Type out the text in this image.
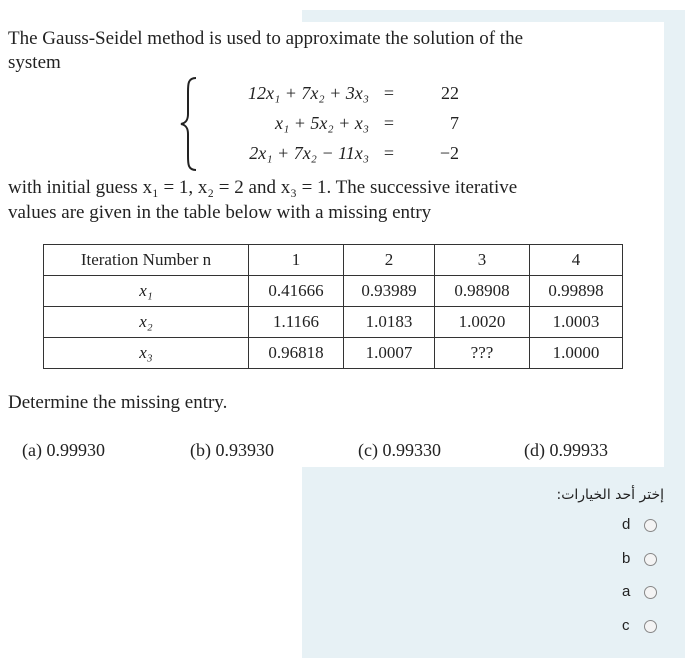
The Gauss-Seidel method is used to approximate the solution of the
system
12x₁ + 7x₂ + 3x₃ =	22
x₁ + 5x₂ + x₃ =	7
2x₁ + 7x₂ − 11x₃ =	−2
with initial guess x₁ = 1, x₂ = 2 and x₃ = 1. The successive iterative
values are given in the table below with a missing entry
Iteration Number n	1	2	3	4
x₁	0.41666	0.93989	0.98908	0.99898
x₂	1.1166	1.0183	1.0020	1.0003
x₃	0.96818	1.0007	???	1.0000
Determine the missing entry.
(a) 0.99930	(b) 0.93930	(c) 0.99330	(d) 0.99933
إختر أحد الخيارات:
d
b
a
c
